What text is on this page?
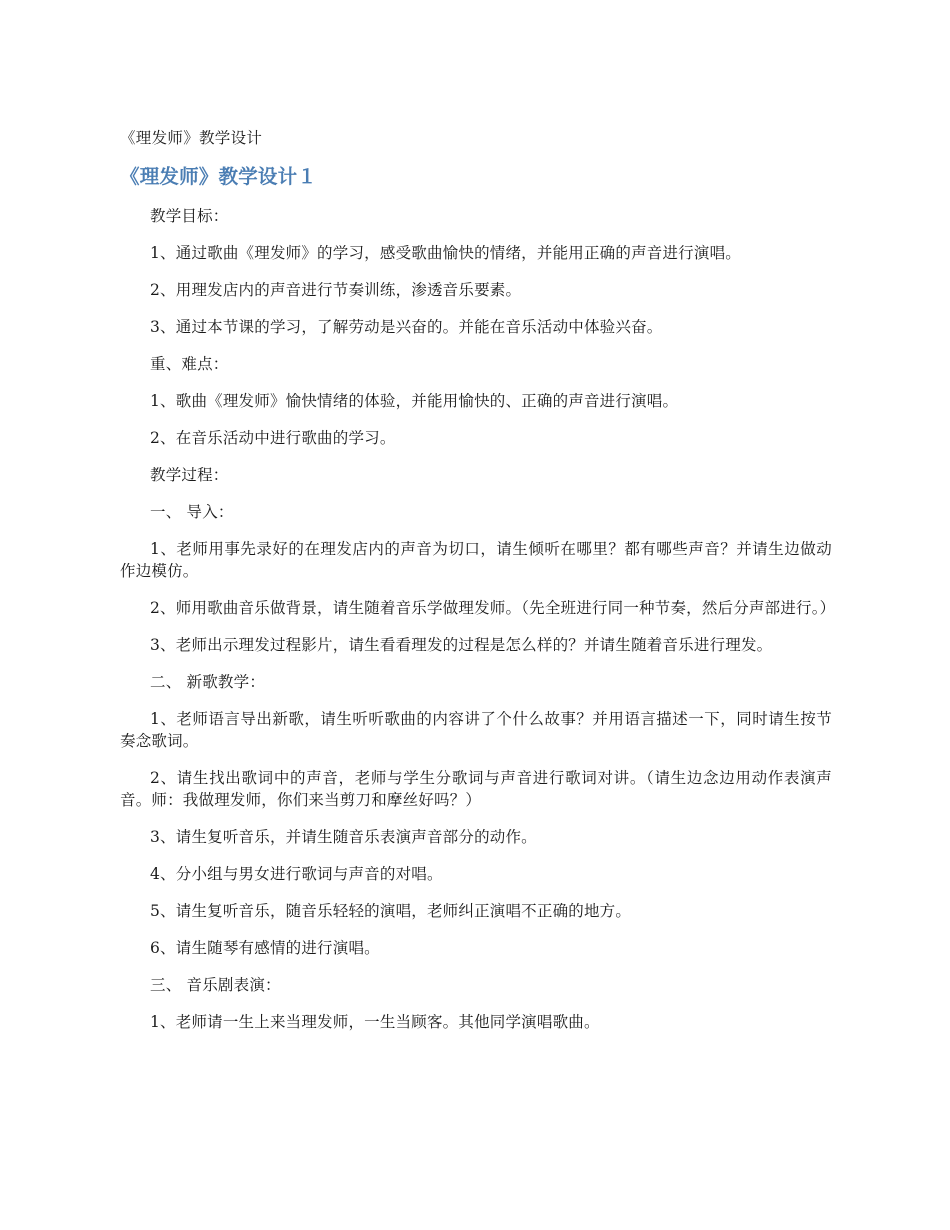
《理发师》教学设计
《理发师》教学设计１

教学目标：

1、通过歌曲《理发师》的学习，感受歌曲愉快的情绪，并能用正确的声音进行演唱。

2、用理发店内的声音进行节奏训练，渗透音乐要素。

3、通过本节课的学习，了解劳动是兴奋的。并能在音乐活动中体验兴奋。

重、难点：

1、歌曲《理发师》愉快情绪的体验，并能用愉快的、正确的声音进行演唱。

2、在音乐活动中进行歌曲的学习。

教学过程：

一、 导入：

1、老师用事先录好的在理发店内的声音为切口，请生倾听在哪里？都有哪些声音？并请生边做动作边模仿。

2、师用歌曲音乐做背景，请生随着音乐学做理发师。（先全班进行同一种节奏，然后分声部进行。）

3、老师出示理发过程影片，请生看看理发的过程是怎么样的？并请生随着音乐进行理发。

二、 新歌教学：

1、老师语言导出新歌，请生听听歌曲的内容讲了个什么故事？并用语言描述一下，同时请生按节奏念歌词。

2、请生找出歌词中的声音，老师与学生分歌词与声音进行歌词对讲。（请生边念边用动作表演声音。师：我做理发师，你们来当剪刀和摩丝好吗？）

3、请生复听音乐，并请生随音乐表演声音部分的动作。

4、分小组与男女进行歌词与声音的对唱。

5、请生复听音乐，随音乐轻轻的演唱，老师纠正演唱不正确的地方。

6、请生随琴有感情的进行演唱。

三、 音乐剧表演：

1、老师请一生上来当理发师，一生当顾客。其他同学演唱歌曲。
